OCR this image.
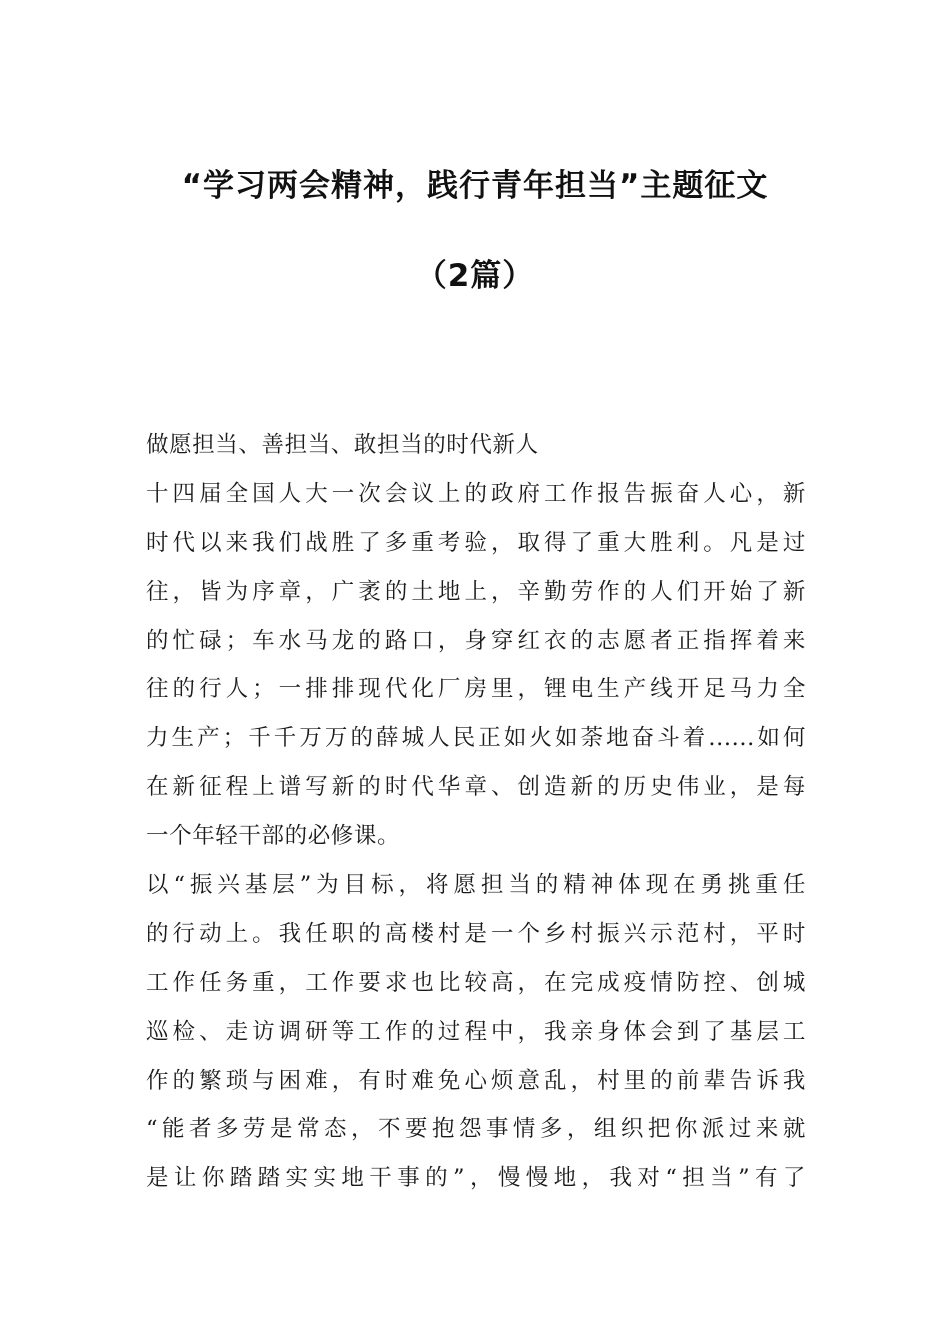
“学习两会精神，践行青年担当”主题征文
（2篇）
做愿担当、善担当、敢担当的时代新人
十四届全国人大一次会议上的政府工作报告振奋人心，新
时代以来我们战胜了多重考验，取得了重大胜利。凡是过
往，皆为序章，广袤的土地上，辛勤劳作的人们开始了新
的忙碌；车水马龙的路口，身穿红衣的志愿者正指挥着来
往的行人；一排排现代化厂房里，锂电生产线开足马力全
力生产；千千万万的薛城人民正如火如荼地奋斗着......如何
在新征程上谱写新的时代华章、创造新的历史伟业，是每
一个年轻干部的必修课。
以“振兴基层”为目标，将愿担当的精神体现在勇挑重任
的行动上。我任职的高楼村是一个乡村振兴示范村，平时
工作任务重，工作要求也比较高，在完成疫情防控、创城
巡检、走访调研等工作的过程中，我亲身体会到了基层工
作的繁琐与困难，有时难免心烦意乱，村里的前辈告诉我
“能者多劳是常态，不要抱怨事情多，组织把你派过来就
是让你踏踏实实地干事的”，慢慢地，我对“担当”有了
